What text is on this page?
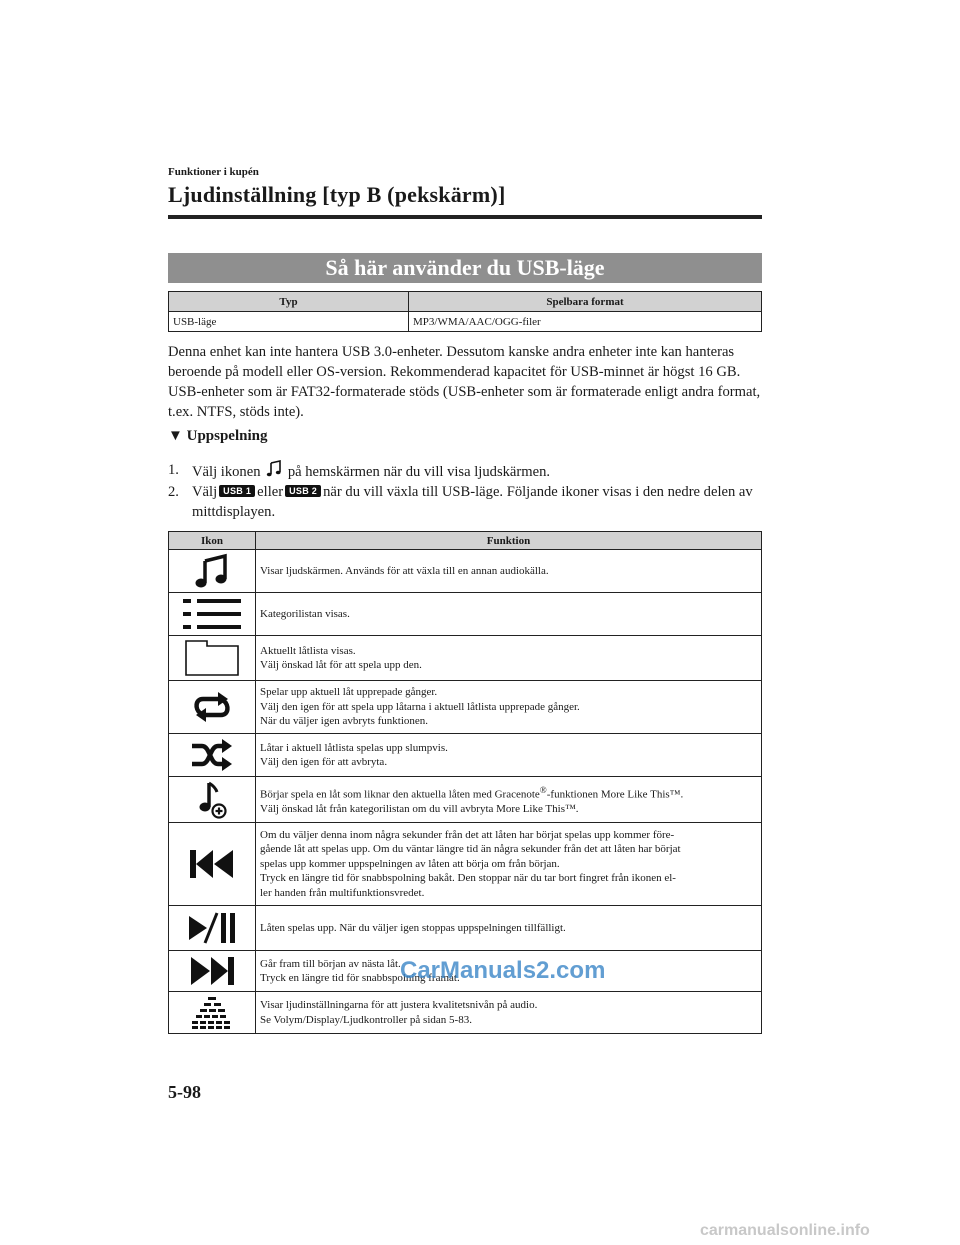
Funktioner i kupén
Ljudinställning [typ B (pekskärm)]
Så här använder du USB-läge
Typ	Spelbara format
USB-läge	MP3/WMA/AAC/OGG-filer
Denna enhet kan inte hantera USB 3.0-enheter. Dessutom kanske andra enheter inte kan hanteras beroende på modell eller OS-version. Rekommenderad kapacitet för USB-minnet är högst 16 GB. USB-enheter som är FAT32-formaterade stöds (USB-enheter som är formaterade enligt andra format, t.ex. NTFS, stöds inte).
▼ Uppspelning
1. Välj ikonen på hemskärmen när du vill visa ljudskärmen.
2. Välj USB 1 eller USB 2 när du vill växla till USB-läge. Följande ikoner visas i den nedre delen av mittdisplayen.
Ikon	Funktion

Visar ljudskärmen. Används för att växla till en annan audiokälla.

Kategorilistan visas.

Aktuellt låtlista visas.
Välj önskad låt för att spela upp den.

Spelar upp aktuell låt upprepade gånger.
Välj den igen för att spela upp låtarna i aktuell låtlista upprepade gånger.
När du väljer igen avbryts funktionen.

Låtar i aktuell låtlista spelas upp slumpvis.
Välj den igen för att avbryta.

Börjar spela en låt som liknar den aktuella låten med Gracenote®-funktionen More Like This™.
Välj önskad låt från kategorilistan om du vill avbryta More Like This™.

Om du väljer denna inom några sekunder från det att låten har börjat spelas upp kommer före-
gående låt att spelas upp. Om du väntar längre tid än några sekunder från det att låten har börjat
spelas upp kommer uppspelningen av låten att börja om från början.
Tryck en längre tid för snabbspolning bakåt. Den stoppar när du tar bort fingret från ikonen el-
ler handen från multifunktionsvredet.

Låten spelas upp. När du väljer igen stoppas uppspelningen tillfälligt.

Går fram till början av nästa låt.
Tryck en längre tid för snabbspolning framåt.

Visar ljudinställningarna för att justera kvalitetsnivån på audio.
Se Volym/Display/Ljudkontroller på sidan 5-83.
CarManuals2.com
5-98
carmanualsonline.info
